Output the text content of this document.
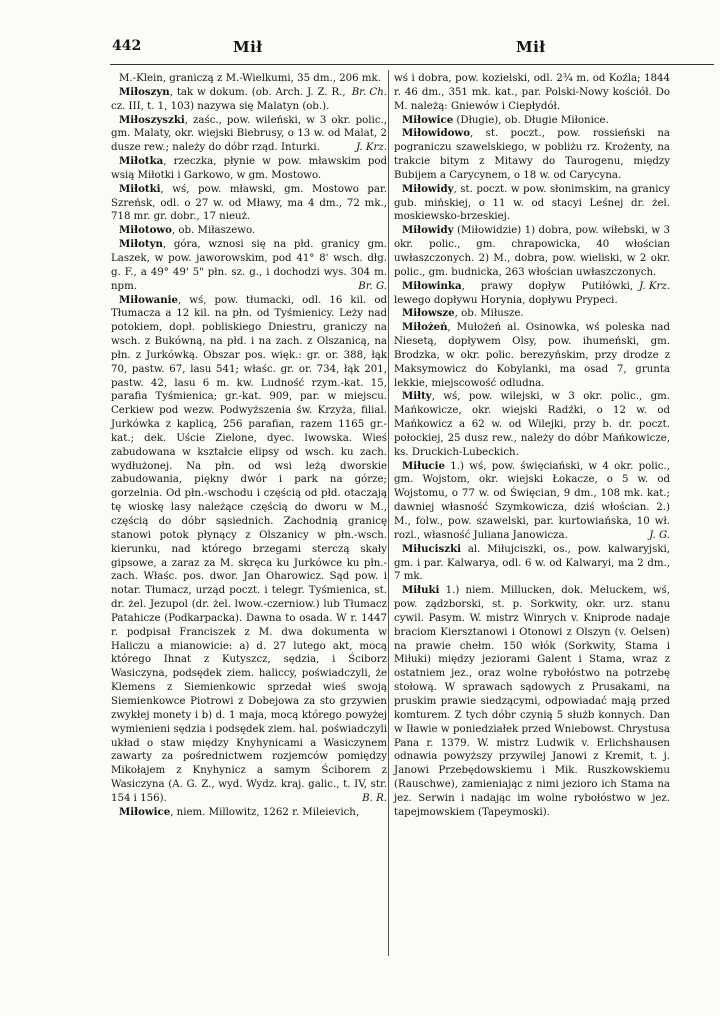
442	Mił	Mił

M.-Klein, graniczą z M.-Wielkumi, 35 dm., 206 mk.
Br. Ch.

Miłoszyn, tak w dokum. (ob. Arch. J. Z. R., cz. III, t. 1, 103) nazywa się Malatyn (ob.).

Miłoszyszki, zaśc., pow. wileński, w 3 okr. polic., gm. Malaty, okr. wiejski Biebrusy, o 13 w. od Malat, 2 dusze rew.; należy do dóbr rząd. Inturki.	J. Krz.

Miłotka, rzeczka, płynie w pow. mławskim pod wsią Miłotki i Garkowo, w gm. Mostowo.

Miłotki, wś, pow. mławski, gm. Mostowo par. Szreńsk, odl. o 27 w. od Mławy, ma 4 dm., 72 mk., 718 mr. gr. dobr., 17 nieuż.

Miłotowo, ob. Miłaszewo.

Miłotyn, góra, wznosi się na płd. granicy gm. Laszek, w pow. jaworowskim, pod 41° 8' wsch. dłg. g. F., a 49° 49' 5" płn. sz. g., i dochodzi wys. 304 m. npm.	Br. G.

Miłowanie, wś, pow. tłumacki, odl. 16 kil. od Tłumacza a 12 kil. na płn. od Tyśmienicy. Leży nad potokiem, dopł. pobliskiego Dniestru, graniczy na wsch. z Bukówną, na płd. i na zach. z Olszanicą, na płn. z Jurkówką. Obszar pos. więk.: gr. or. 388, łąk 70, pastw. 67, lasu 541; właśc. gr. or. 734, łąk 201, pastw. 42, lasu 6 m. kw. Ludność rzym.-kat. 15, parafia Tyśmienica; gr.-kat. 909, par. w miejscu. Cerkiew pod wezw. Podwyższenia św. Krzyża, filial. Jurkówka z kaplicą, 256 parafian, razem 1165 gr.-kat.; dek. Uście Zielone, dyec. lwowska. Wieś zabudowana w kształcie elipsy od wsch. ku zach. wydłużonej. Na płn. od wsi leżą dworskie zabudowania, piękny dwór i park na górze; gorzelnia. Od płn.-wschodu i częścią od płd. otaczają tę wioskę lasy należące częścią do dworu w M., częścią do dóbr sąsiednich. Zachodnią granicę stanowi potok płynący z Olszanicy w płn.-wsch. kierunku, nad którego brzegami sterczą skały gipsowe, a zaraz za M. skręca ku Jurkówce ku płn.-zach. Właśc. pos. dwor. Jan Oharowicz. Sąd pow. i notar. Tłumacz, urząd poczt. i telegr. Tyśmienica, st. dr. żel. Jezupol (dr. żel. lwow.-czerniow.) lub Tłumacz Patahicze (Podkarpacka). Dawna to osada. W r. 1447 r. podpisał Franciszek z M. dwa dokumenta w Haliczu a mianowicie: a) d. 27 lutego akt, mocą którego Ihnat z Kutyszcz, sędzia, i Ściborz Wasiczyna, podsędek ziem. haliccy, poświadczyli, że Klemens z Siemienkowic sprzedał wieś swoją Siemienkowce Piotrowi z Dobejowa za sto grzywien zwykłej monety i b) d. 1 maja, mocą którego powyżej wymienieni sędzia i podsędek ziem. hal. poświadczyli układ o staw między Knyhynicami a Wasiczynem zawarty za pośrednictwem rozjemców pomiędzy Mikołajem z Knyhynicz a samym Ściborem z Wasiczyna (A. G. Z., wyd. Wydz. kraj. galic., t. IV, str. 154 i 156).	B. R.

Miłowice, niem. Millowitz, 1262 r. Mileievich,

wś i dobra, pow. kozielski, odl. 2¾ m. od Koźla; 1844 r. 46 dm., 351 mk. kat., par. Polski-Nowy kościół. Do M. należą: Gniewów i Ciepłydół.

Miłowice (Długie), ob. Długie Miłonice.

Miłowidowo, st. poczt., pow. rossieński na pograniczu szawelskiego, w pobliżu rz. Krożenty, na trakcie bitym z Mitawy do Taurogenu, między Bubijem a Carycynem, o 18 w. od Carycyna.

Miłowidy, st. poczt. w pow. słonimskim, na granicy gub. mińskiej, o 11 w. od stacyi Leśnej dr. żel. moskiewsko-brzeskiej.

Miłowidy (Miłowidzie) 1) dobra, pow. wiłebski, w 3 okr. polic., gm. chrapowicka, 40 włościan uwłaszczonych. 2) M., dobra, pow. wieliski, w 2 okr. polic., gm. budnicka, 263 włościan uwłaszczonych.
J. Krz.

Miłowinka, prawy dopływ Putiłówki, lewego dopływu Horynia, dopływu Prypeci.

Miłowsze, ob. Miłusze.

Miłożeń, Mułożeń al. Osinowka, wś poleska nad Niesetą, dopływem Olsy, pow. ihumeński, gm. Brodzka, w okr. polic. berezyńskim, przy drodze z Maksymowicz do Kobylanki, ma osad 7, grunta lekkie, miejscowość odludna.

Miłty, wś, pow. wilejski, w 3 okr. polic., gm. Mańkowicze, okr. wiejski Radźki, o 12 w. od Mańkowicz a 62 w. od Wilejki, przy b. dr. poczt. połockiej, 25 dusz rew., należy do dóbr Mańkowicze, ks. Druckich-Lubeckich.

Miłucie 1.) wś, pow. święciański, w 4 okr. polic., gm. Wojstom, okr. wiejski Łokacze, o 5 w. od Wojstomu, o 77 w. od Święcian, 9 dm., 108 mk. kat.; dawniej własność Szymkowicza, dziś włościan. 2.) M., folw., pow. szawelski, par. kurtowiańska, 10 wł. rozl., własność Juliana Janowicza.	J. G.

Miłuciszki al. Miłujciszki, os., pow. kalwaryjski, gm. i par. Kalwarya, odl. 6 w. od Kalwaryi, ma 2 dm., 7 mk.

Miłuki 1.) niem. Millucken, dok. Meluckem, wś, pow. ządzborski, st. p. Sorkwity, okr. urz. stanu cywil. Pasym. W. mistrz Winrych v. Kniprode nadaje braciom Kiersztanowi i Otonowi z Olszyn (v. Oelsen) na prawie chełm. 150 włók (Sorkwity, Stama i Miłuki) między jeziorami Galent i Stama, wraz z ostatniem jez., oraz wolne rybołóstwo na potrzebę stołową. W sprawach sądowych z Prusakami, na pruskim prawie siedzącymi, odpowiadać mają przed komturem. Z tych dóbr czynią 5 służb konnych. Dan w Iławie w poniedziałek przed Wniebowst. Chrystusa Pana r. 1379. W. mistrz Ludwik v. Erlichshausen odnawia powyższy przywilej Janowi z Kremit, t. j. Janowi Przebędowskiemu i Mik. Ruszkowskiemu (Rauschwe), zamieniając z nimi jezioro ich Stama na jez. Serwin i nadając im wolne rybołóstwo w jez. tapejmowskiem (Tapeymoski).
